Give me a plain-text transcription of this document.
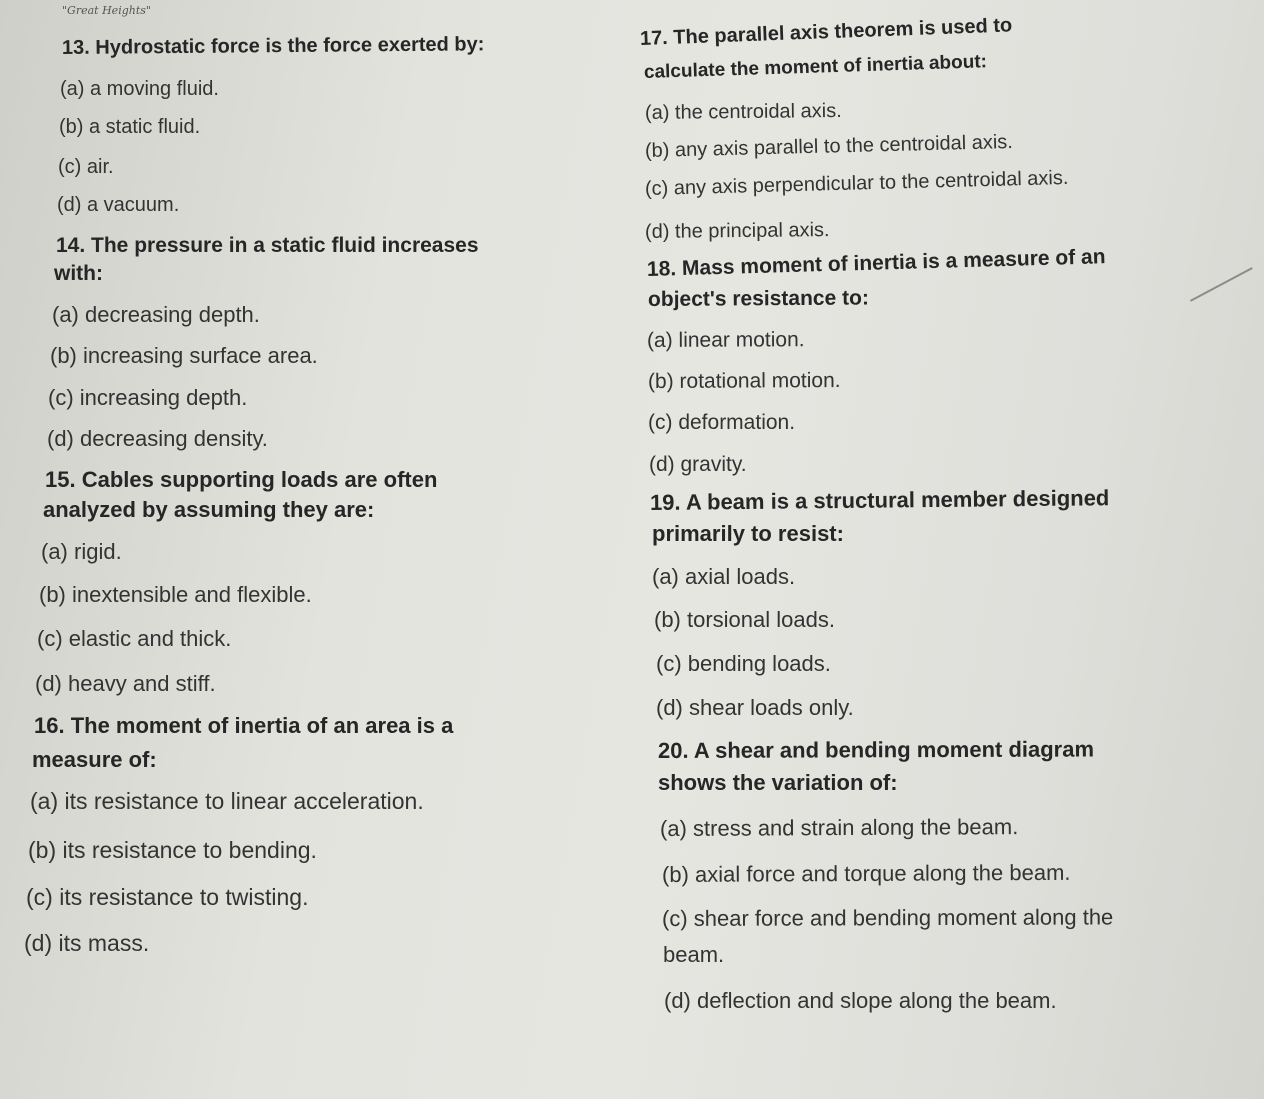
"Great Heights"
13. Hydrostatic force is the force exerted by:
(a) a moving fluid.
(b) a static fluid.
(c) air.
(d) a vacuum.
14. The pressure in a static fluid increases
with:
(a) decreasing depth.
(b) increasing surface area.
(c) increasing depth.
(d) decreasing density.
15. Cables supporting loads are often
analyzed by assuming they are:
(a) rigid.
(b) inextensible and flexible.
(c) elastic and thick.
(d) heavy and stiff.
16. The moment of inertia of an area is a
measure of:
(a) its resistance to linear acceleration.
(b) its resistance to bending.
(c) its resistance to twisting.
(d) its mass.
17. The parallel axis theorem is used to
calculate the moment of inertia about:
(a) the centroidal axis.
(b) any axis parallel to the centroidal axis.
(c) any axis perpendicular to the centroidal axis.
(d) the principal axis.
18. Mass moment of inertia is a measure of an
object's resistance to:
(a) linear motion.
(b) rotational motion.
(c) deformation.
(d) gravity.
19. A beam is a structural member designed
primarily to resist:
(a) axial loads.
(b) torsional loads.
(c) bending loads.
(d) shear loads only.
20. A shear and bending moment diagram
shows the variation of:
(a) stress and strain along the beam.
(b) axial force and torque along the beam.
(c) shear force and bending moment along the
beam.
(d) deflection and slope along the beam.
